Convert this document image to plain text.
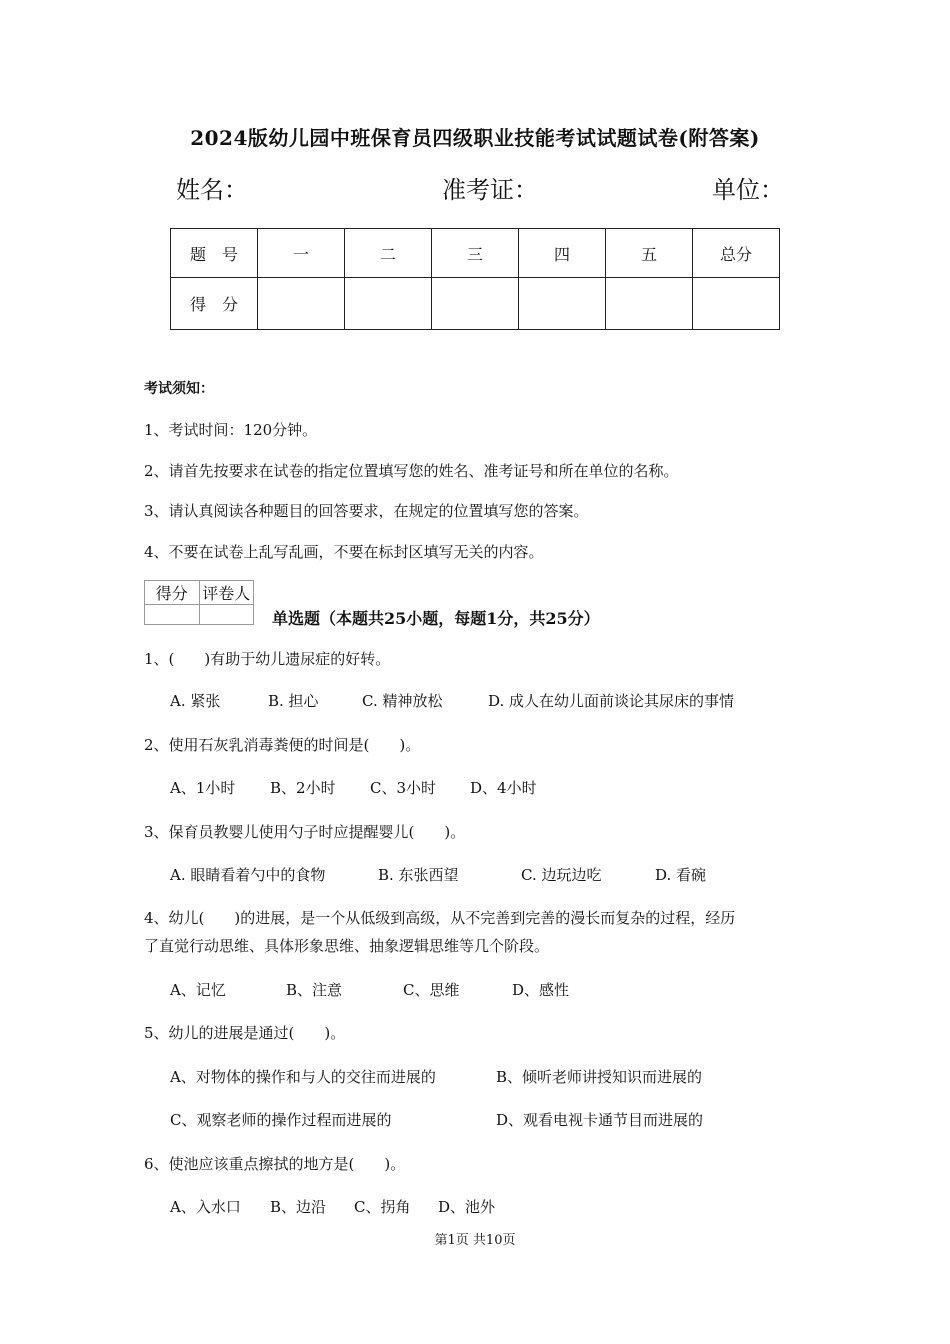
2024版幼儿园中班保育员四级职业技能考试试题试卷(附答案)
姓名：	准考证：	单位：
题　号	一	二	三	四	五	总分
得　分						
考试须知：
1、考试时间：120分钟。
2、请首先按要求在试卷的指定位置填写您的姓名、准考证号和所在单位的名称。
3、请认真阅读各种题目的回答要求，在规定的位置填写您的答案。
4、不要在试卷上乱写乱画，不要在标封区填写无关的内容。
得分	评卷人

单选题（本题共25小题，每题1分，共25分）
1、(　　)有助于幼儿遗尿症的好转。
A. 紧张	B. 担心	C. 精神放松	D. 成人在幼儿面前谈论其尿床的事情
2、使用石灰乳消毒粪便的时间是(　　)。
A、1小时 B、2小时 C、3小时 D、4小时
3、保育员教婴儿使用勺子时应提醒婴儿(　　)。
A. 眼睛看着勺中的食物	B. 东张西望	C. 边玩边吃	D. 看碗
4、幼儿(　　)的进展，是一个从低级到高级，从不完善到完善的漫长而复杂的过程，经历
了直觉行动思维、具体形象思维、抽象逻辑思维等几个阶段。
A、记忆	B、注意	C、思维	D、感性
5、幼儿的进展是通过(　　)。
A、对物体的操作和与人的交往而进展的	B、倾听老师讲授知识而进展的
C、观察老师的操作过程而进展的	D、观看电视卡通节目而进展的
6、使池应该重点擦拭的地方是(　　)。
A、入水口 B、边沿 C、拐角 D、池外
第1页 共10页
